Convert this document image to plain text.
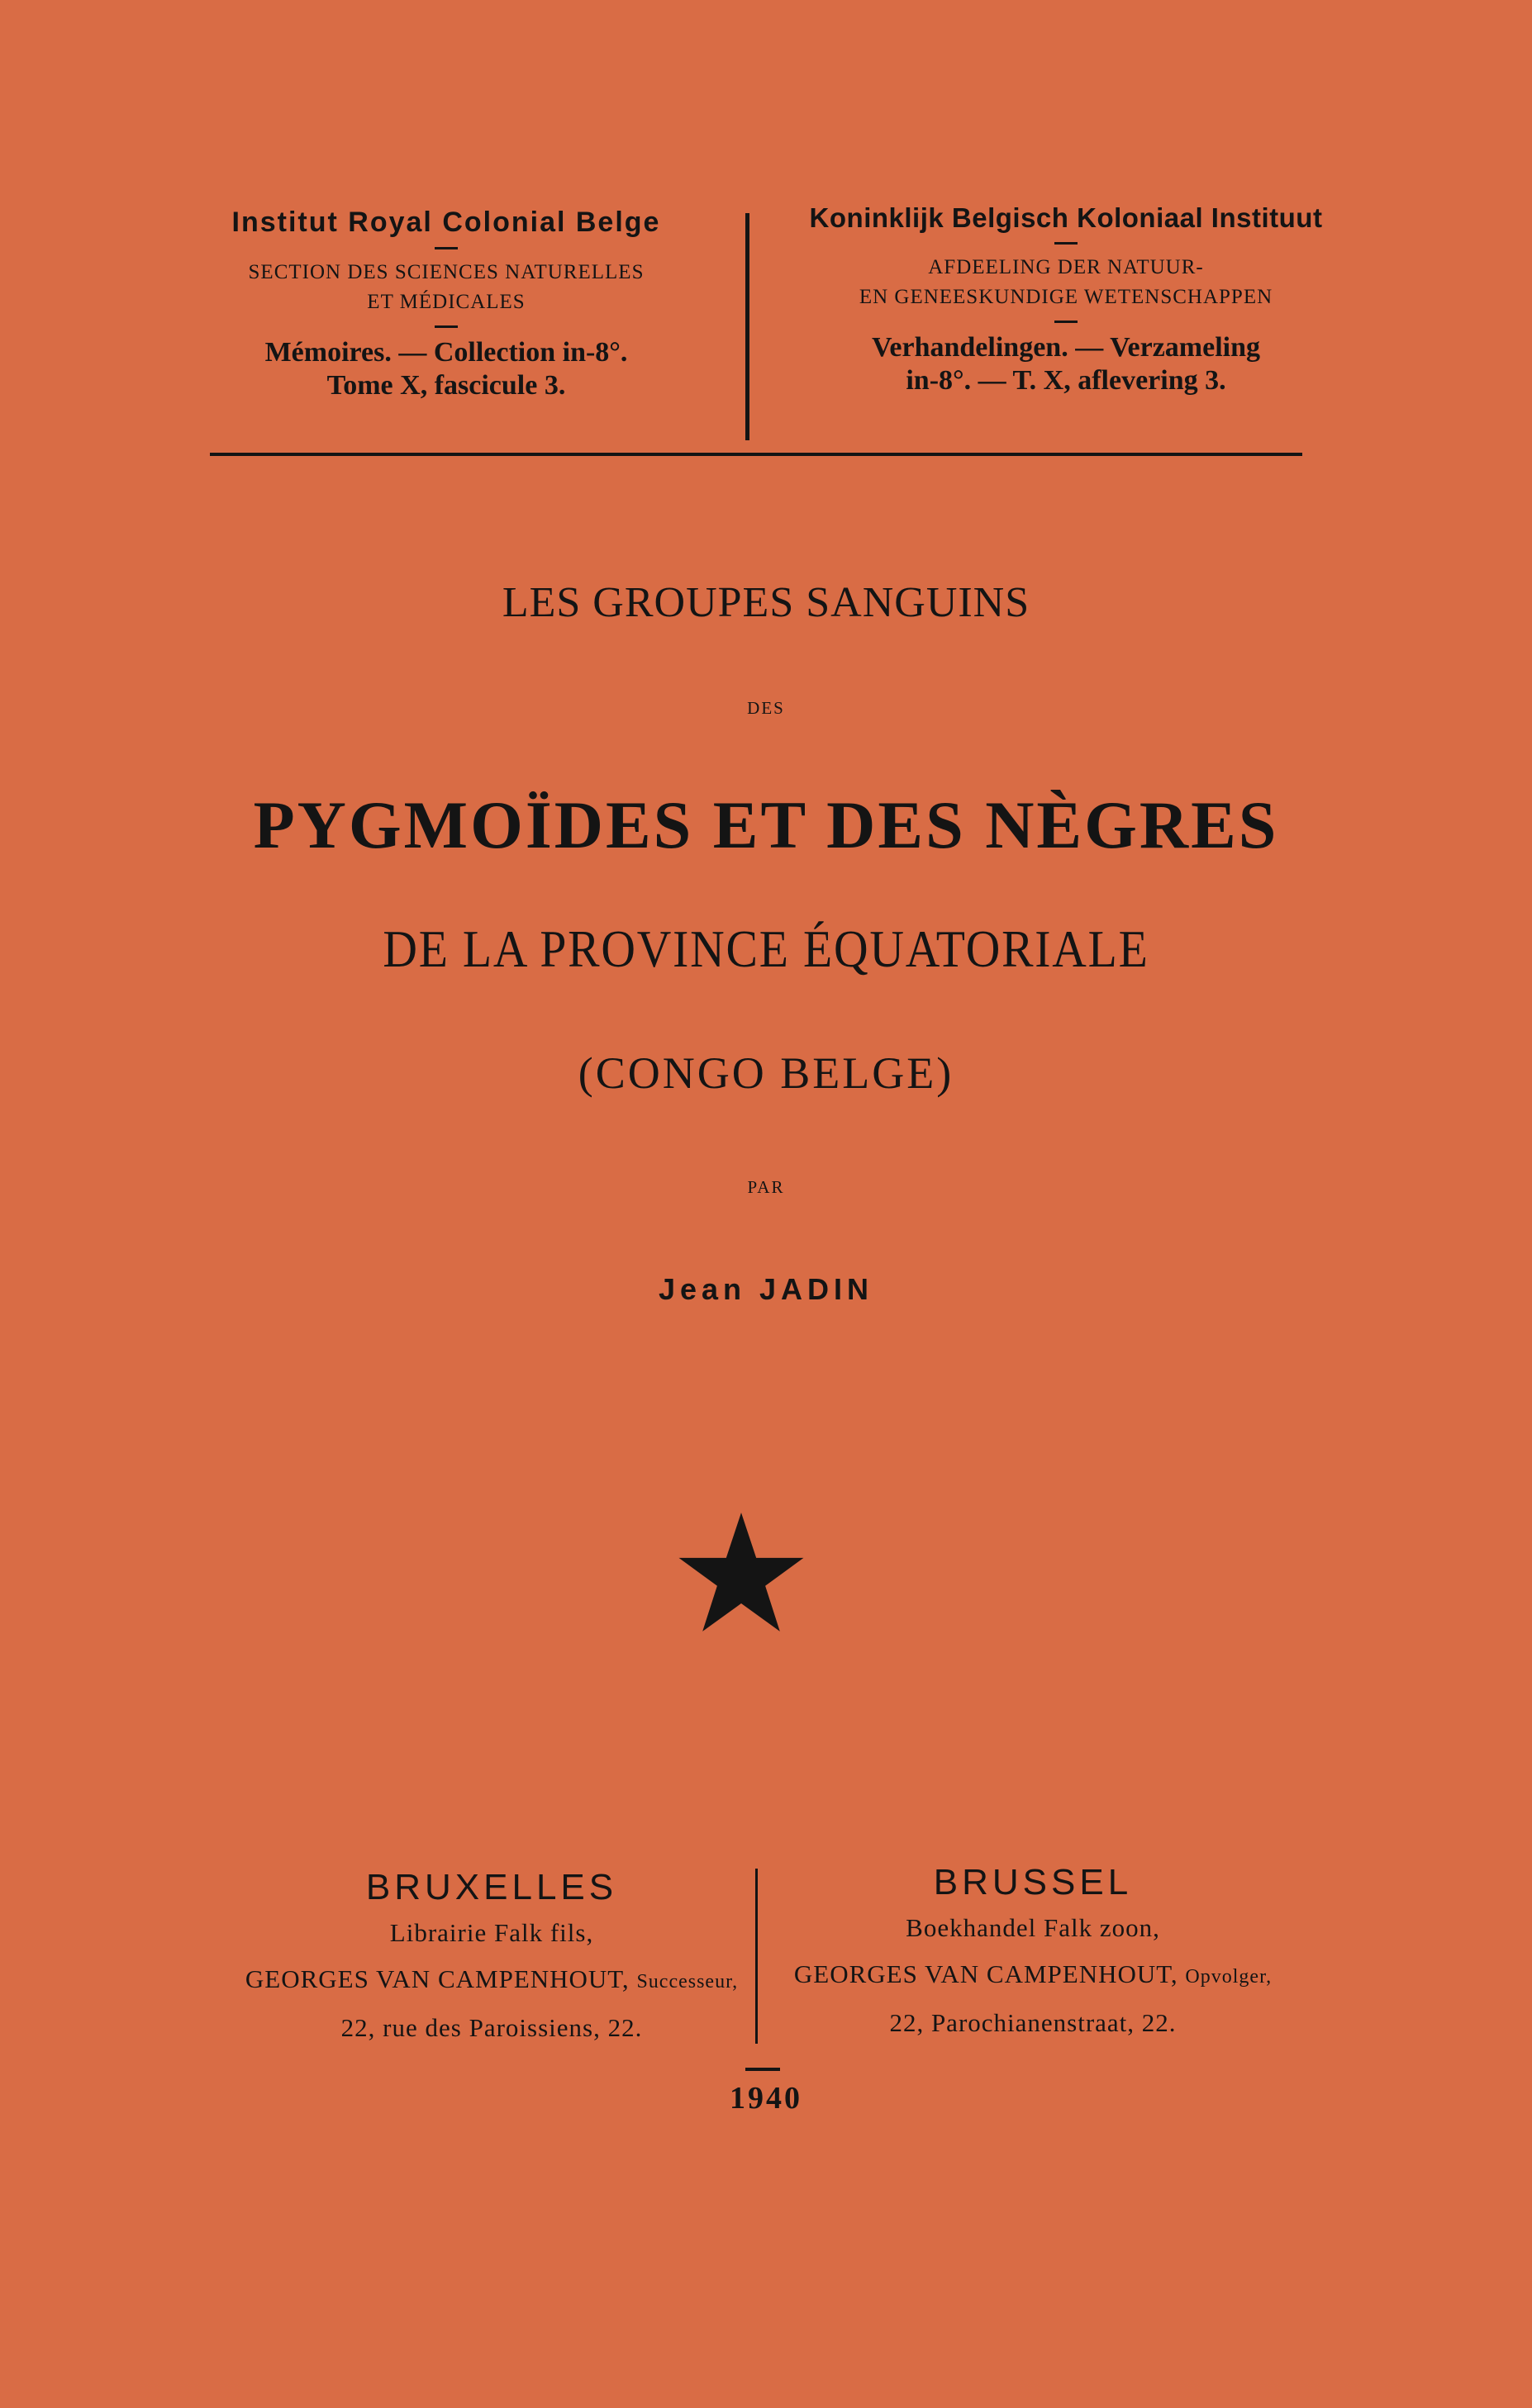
Institut Royal Colonial Belge
SECTION DES SCIENCES NATURELLES
ET MÉDICALES
Mémoires. — Collection in-8°.
Tome X, fascicule 3.
Koninklijk Belgisch Koloniaal Instituut
AFDEELING DER NATUUR-
EN GENEESKUNDIGE WETENSCHAPPEN
Verhandelingen. — Verzameling
in-8°. — T. X, aflevering 3.
LES GROUPES SANGUINS
DES
PYGMOÏDES ET DES NÈGRES
DE LA PROVINCE ÉQUATORIALE
(CONGO BELGE)
PAR
Jean JADIN
BRUXELLES
Librairie Falk fils,
GEORGES VAN CAMPENHOUT, Successeur,
22, rue des Paroissiens, 22.
BRUSSEL
Boekhandel Falk zoon,
GEORGES VAN CAMPENHOUT, Opvolger,
22, Parochianenstraat, 22.
1940
